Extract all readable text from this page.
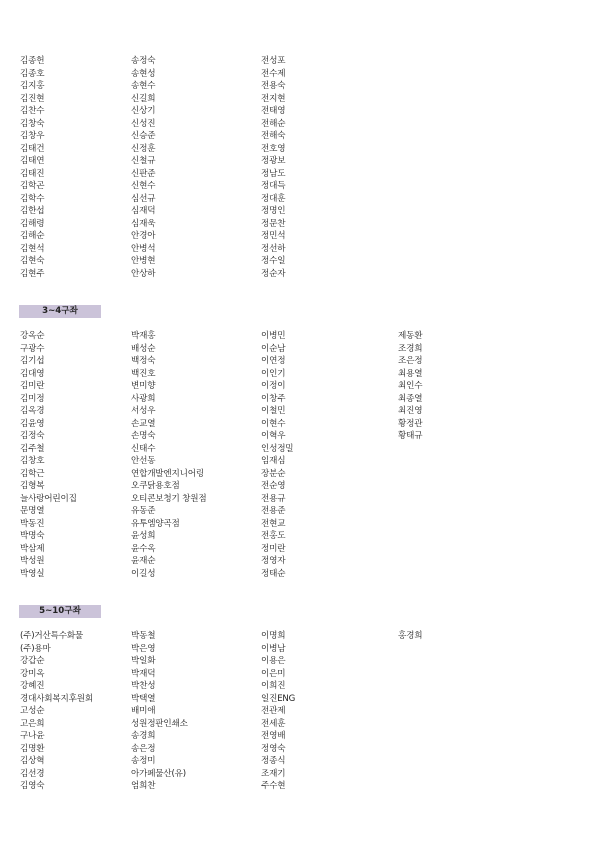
김종헌	송정숙	전성포
김종호	송현성	전수제
김지홍	송현수	전용숙
김진현	신길희	전지현
김찬수	신상기	전태영
김창숙	신성진	전해순
김창우	신승준	전해숙
김태건	신정훈	전호영
김태연	신철규	정광보
김태진	신판준	정남도
김학곤	신현수	정대득
김학수	심선규	정대훈
김한섭	심재덕	정명인
김해령	심재욱	정문찬
김해순	안경아	정민석
김현석	안병석	정선하
김현숙	안병현	정수일
김현주	안상하	정순자
3~4구좌
강옥순	박재홍	이병민	제동환
구광수	배성순	이순남	조경희
김기섭	백정숙	이연정	조은정
김대영	백진호	이인기	최용열
김미란	변미향	이정이	최인수
김미정	사광희	이창주	최종열
김옥경	서성우	이철민	최진영
김윤영	손교열	이현수	황정관
김정숙	손명숙	이혁우	황태규
김주철	신태수	인성정밀
김창호	안선동	임재심
김학근	연합개발엔지니어링	장분순
김형복	오쿠닭용호점	전순영
늘사랑어린이집	오티콘보청기 창원점	전용규
문명열	유동준	전용준
박동진	유투엠양곡점	전현교
박명숙	윤성희	전홍도
박삼제	윤수옥	정미란
박성원	윤재순	정영자
박영실	이길성	정태순
5~10구좌
(주)거산특수화물	박동철	이명희	홍경희
(주)용마	박은영	이병남
강갑순	박일화	이용은
강미옥	박재덕	이은미
강혜진	박찬성	이희진
경대사회복지후원회	박택열	일진ENG
고성순	배미애	전관제
고은희	성원정판인쇄소	전세훈
구나윤	송경희	전영배
김명환	송은정	정영숙
김상혁	송정미	정종식
김선경	아가페물산(유)	조재기
김영숙	엄희찬	주수현
